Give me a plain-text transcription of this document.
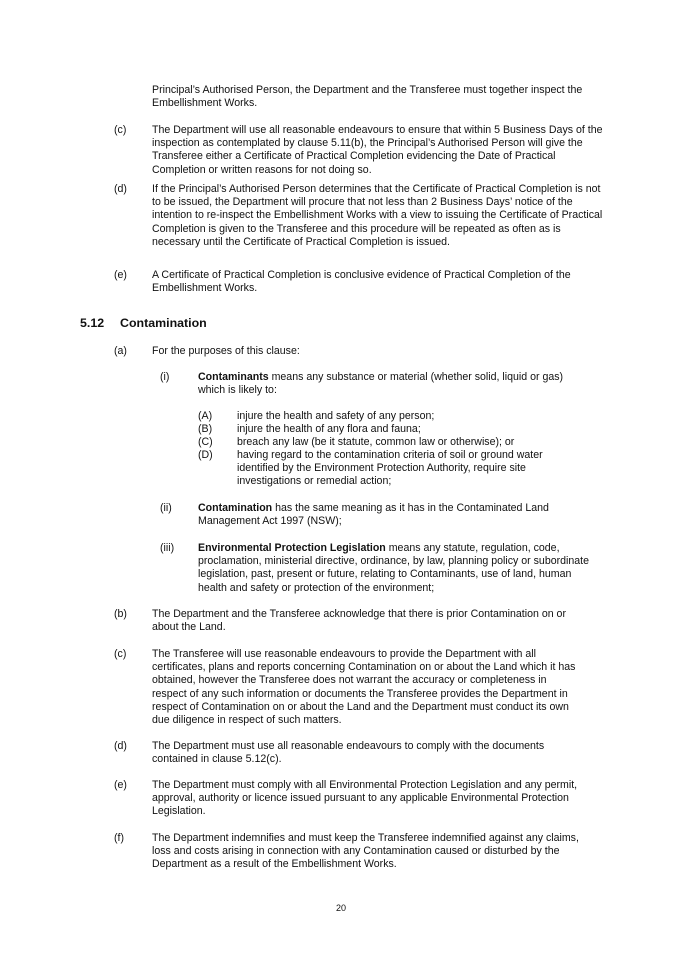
Principal’s Authorised Person, the Department and the Transferee must together inspect the Embellishment Works.
(c) The Department will use all reasonable endeavours to ensure that within 5 Business Days of the inspection as contemplated by clause 5.11(b), the Principal’s Authorised Person will give the Transferee either a Certificate of Practical Completion evidencing the Date of Practical Completion or written reasons for not doing so.
(d) If the Principal’s Authorised Person determines that the Certificate of Practical Completion is not to be issued, the Department will procure that not less than 2 Business Days’ notice of the intention to re-inspect the Embellishment Works with a view to issuing the Certificate of Practical Completion is given to the Transferee and this procedure will be repeated as often as is necessary until the Certificate of Practical Completion is issued.
(e) A Certificate of Practical Completion is conclusive evidence of Practical Completion of the Embellishment Works.
5.12 Contamination
(a) For the purposes of this clause:
(i)	Contaminants means any substance or material (whether solid, liquid or gas) which is likely to:
(A) injure the health and safety of any person;
(B) injure the health of any flora and fauna;
(C) breach any law (be it statute, common law or otherwise); or
(D) having regard to the contamination criteria of soil or ground water identified by the Environment Protection Authority, require site investigations or remedial action;
(ii) Contamination has the same meaning as it has in the Contaminated Land Management Act 1997 (NSW);
(iii) Environmental Protection Legislation means any statute, regulation, code, proclamation, ministerial directive, ordinance, by law, planning policy or subordinate legislation, past, present or future, relating to Contaminants, use of land, human health and safety or protection of the environment;
(b) The Department and the Transferee acknowledge that there is prior Contamination on or about the Land.
(c) The Transferee will use reasonable endeavours to provide the Department with all certificates, plans and reports concerning Contamination on or about the Land which it has obtained, however the Transferee does not warrant the accuracy or completeness in respect of any such information or documents the Transferee provides the Department in respect of Contamination on or about the Land and the Department must conduct its own due diligence in respect of such matters.
(d) The Department must use all reasonable endeavours to comply with the documents contained in clause 5.12(c).
(e) The Department must comply with all Environmental Protection Legislation and any permit, approval, authority or licence issued pursuant to any applicable Environmental Protection Legislation.
(f)	The Department indemnifies and must keep the Transferee indemnified against any claims, loss and costs arising in connection with any Contamination caused or disturbed by the Department as a result of the Embellishment Works.
20
